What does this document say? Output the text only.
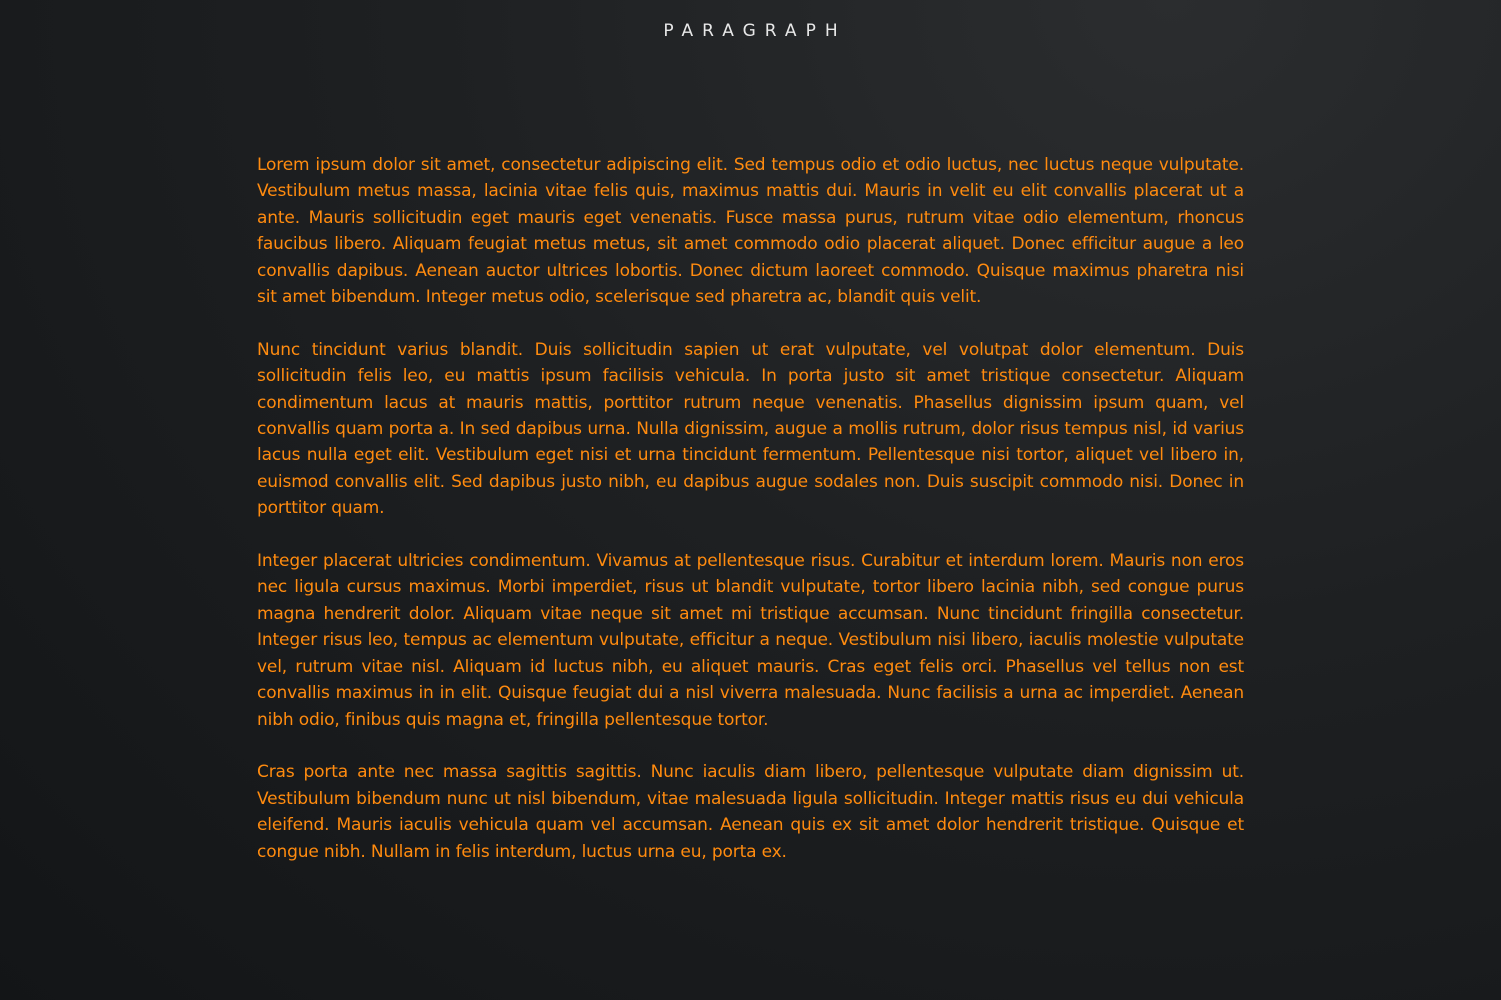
PARAGRAPH

Lorem ipsum dolor sit amet, consectetur adipiscing elit. Sed tempus odio et odio luctus, nec luctus neque vulputate. Vestibulum metus massa, lacinia vitae felis quis, maximus mattis dui. Mauris in velit eu elit convallis placerat ut a ante. Mauris sollicitudin eget mauris eget venenatis. Fusce massa purus, rutrum vitae odio elementum, rhoncus faucibus libero. Aliquam feugiat metus metus, sit amet commodo odio placerat aliquet. Donec efficitur augue a leo convallis dapibus. Aenean auctor ultrices lobortis. Donec dictum laoreet commodo. Quisque maximus pharetra nisi sit amet bibendum. Integer metus odio, scelerisque sed pharetra ac, blandit quis velit.

Nunc tincidunt varius blandit. Duis sollicitudin sapien ut erat vulputate, vel volutpat dolor elementum. Duis sollicitudin felis leo, eu mattis ipsum facilisis vehicula. In porta justo sit amet tristique consectetur. Aliquam condimentum lacus at mauris mattis, porttitor rutrum neque venenatis. Phasellus dignissim ipsum quam, vel convallis quam porta a. In sed dapibus urna. Nulla dignissim, augue a mollis rutrum, dolor risus tempus nisl, id varius lacus nulla eget elit. Vestibulum eget nisi et urna tincidunt fermentum. Pellentesque nisi tortor, aliquet vel libero in, euismod convallis elit. Sed dapibus justo nibh, eu dapibus augue sodales non. Duis suscipit commodo nisi. Donec in porttitor quam.

Integer placerat ultricies condimentum. Vivamus at pellentesque risus. Curabitur et interdum lorem. Mauris non eros nec ligula cursus maximus. Morbi imperdiet, risus ut blandit vulputate, tortor libero lacinia nibh, sed congue purus magna hendrerit dolor. Aliquam vitae neque sit amet mi tristique accumsan. Nunc tincidunt fringilla consectetur. Integer risus leo, tempus ac elementum vulputate, efficitur a neque. Vestibulum nisi libero, iaculis molestie vulputate vel, rutrum vitae nisl. Aliquam id luctus nibh, eu aliquet mauris. Cras eget felis orci. Phasellus vel tellus non est convallis maximus in in elit. Quisque feugiat dui a nisl viverra malesuada. Nunc facilisis a urna ac imperdiet. Aenean nibh odio, finibus quis magna et, fringilla pellentesque tortor.

Cras porta ante nec massa sagittis sagittis. Nunc iaculis diam libero, pellentesque vulputate diam dignissim ut. Vestibulum bibendum nunc ut nisl bibendum, vitae malesuada ligula sollicitudin. Integer mattis risus eu dui vehicula eleifend. Mauris iaculis vehicula quam vel accumsan. Aenean quis ex sit amet dolor hendrerit tristique. Quisque et congue nibh. Nullam in felis interdum, luctus urna eu, porta ex.
